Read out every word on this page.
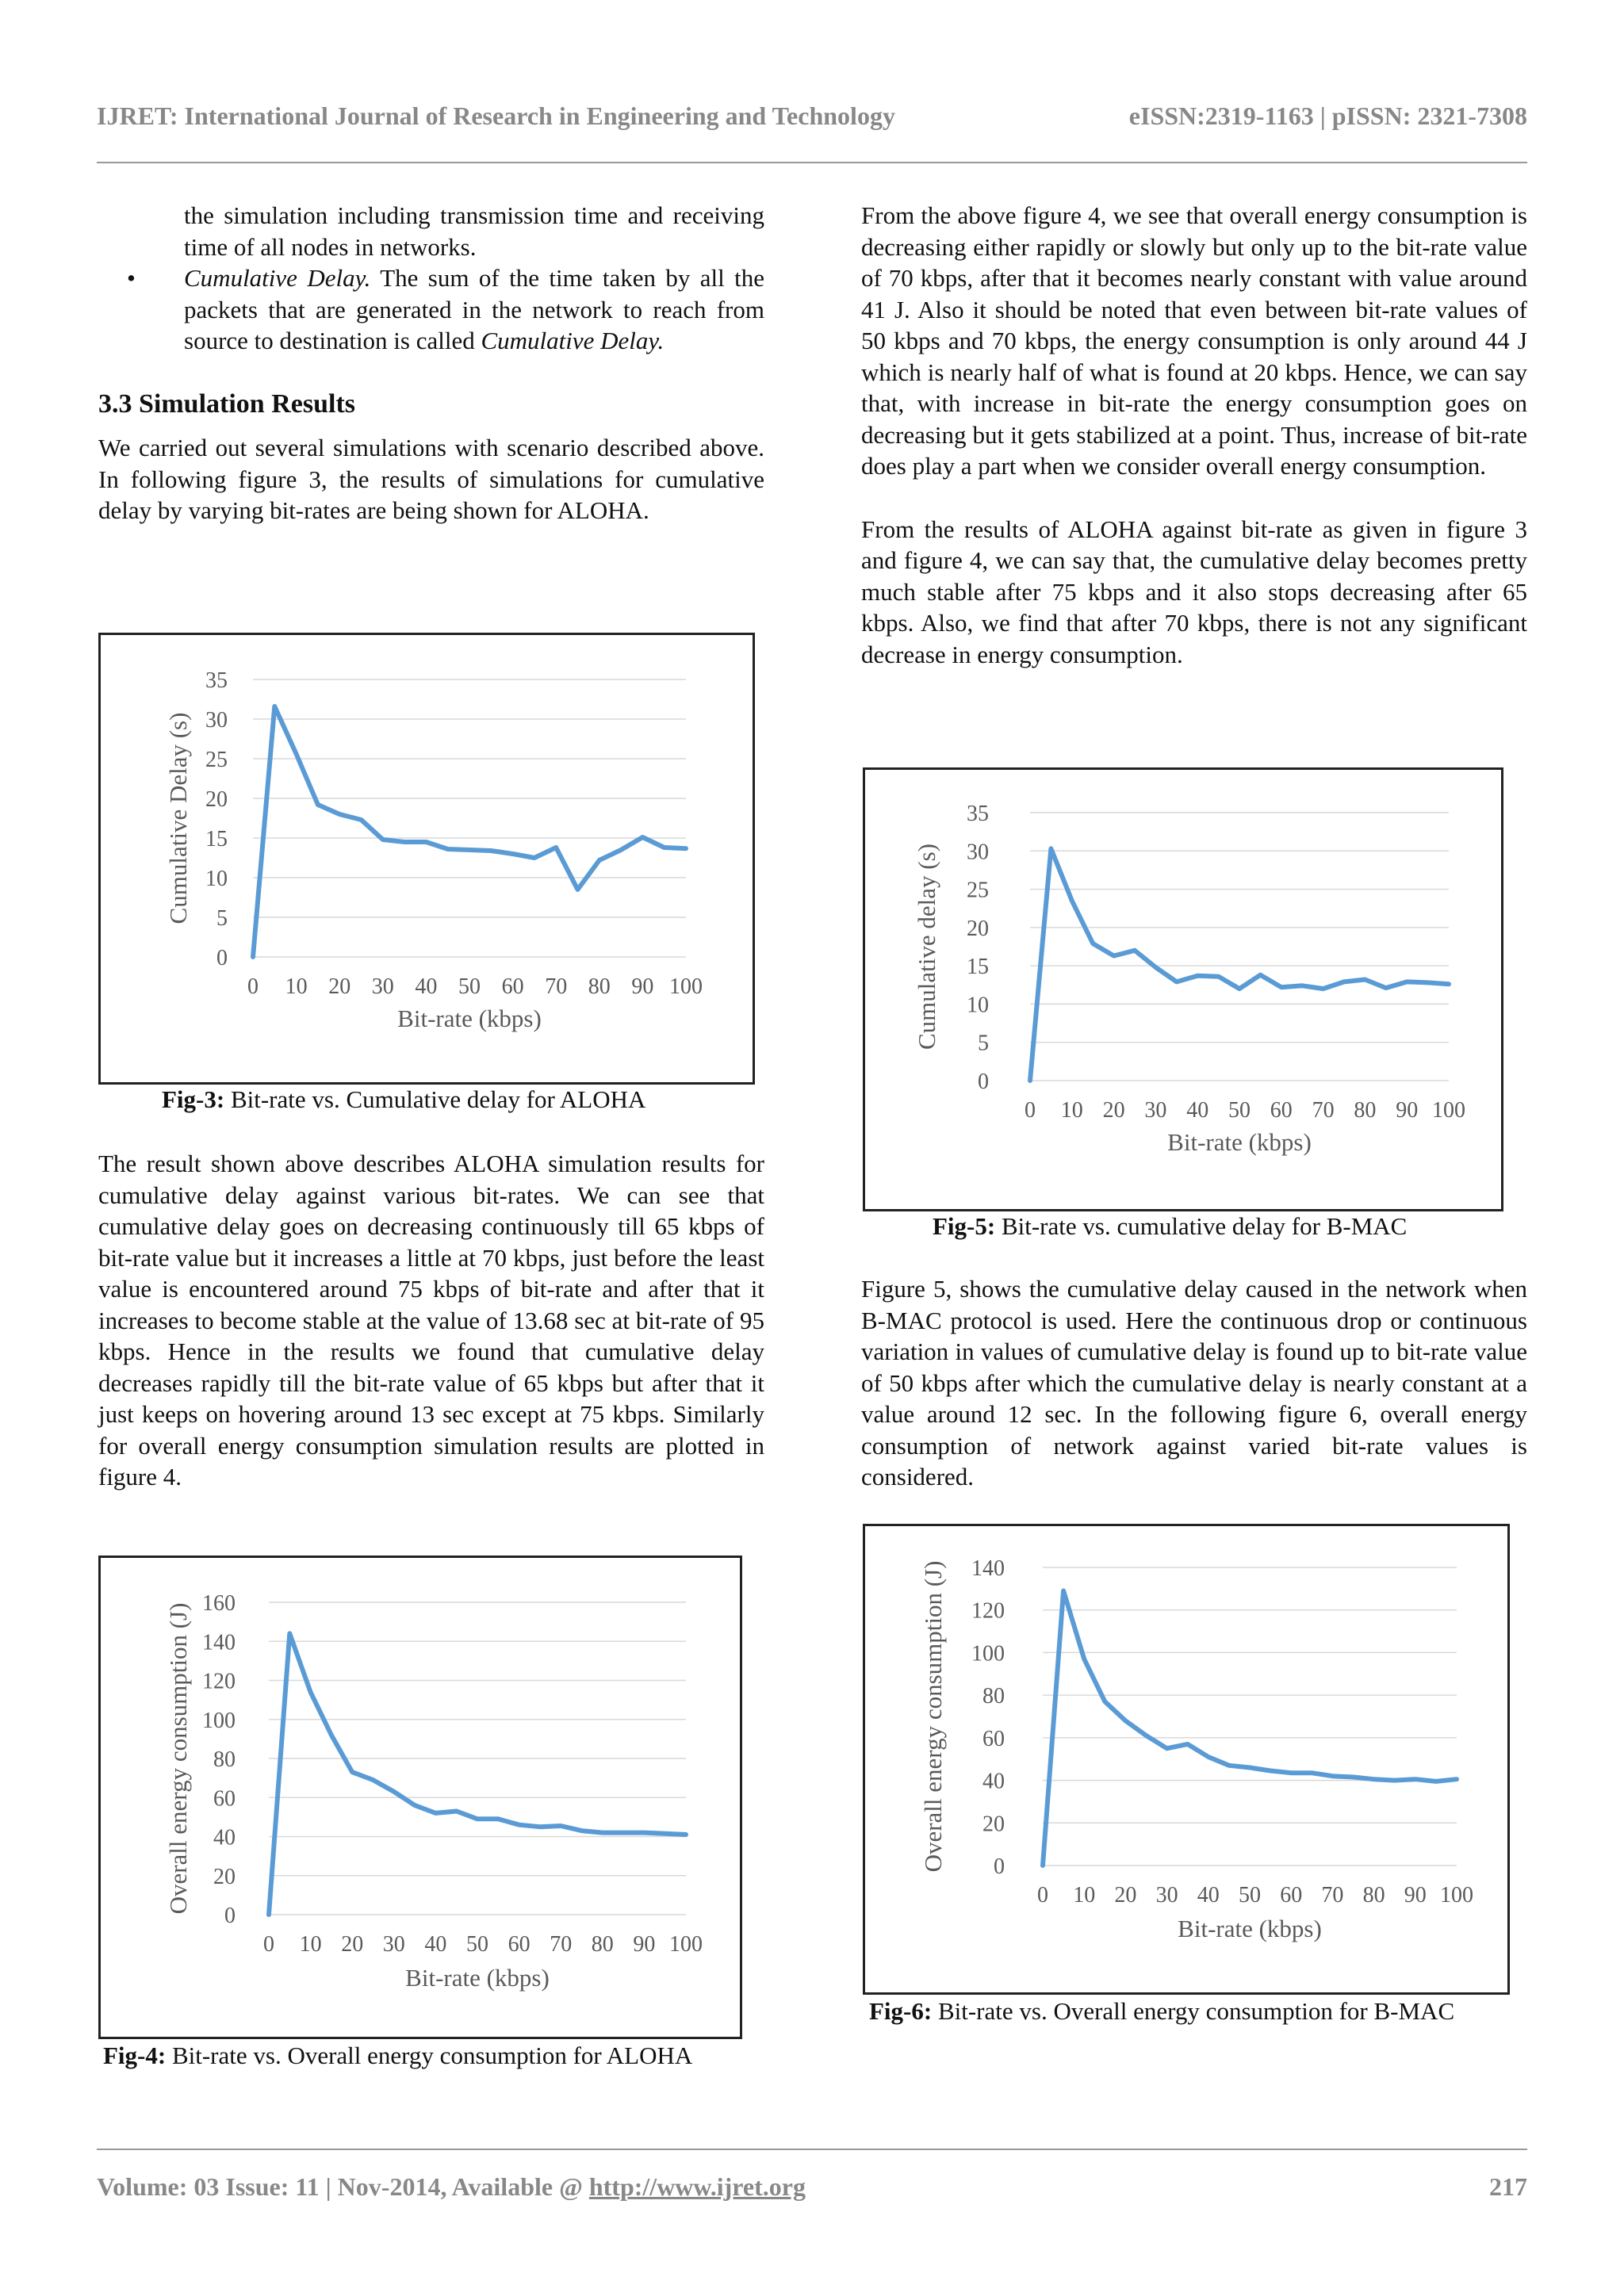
IJRET: International Journal of Research in Engineering and Technology	eISSN:2319-1163 | pISSN: 2321-7308

the simulation including transmission time and receiving time of all nodes in networks.

• Cumulative Delay. The sum of the time taken by all the packets that are generated in the network to reach from source to destination is called Cumulative Delay.

3.3 Simulation Results

We carried out several simulations with scenario described above. In following figure 3, the results of simulations for cumulative delay by varying bit-rates are being shown for ALOHA.

0
5
10
15
20
25
30
35
0 10 20 30 40 50 60 70 80 90 100
Bit-rate (kbps)
Cumulative Delay (s)
Fig-3: Bit-rate vs. Cumulative delay for ALOHA

The result shown above describes ALOHA simulation results for cumulative delay against various bit-rates. We can see that cumulative delay goes on decreasing continuously till 65 kbps of bit-rate value but it increases a little at 70 kbps, just before the least value is encountered around 75 kbps of bit-rate and after that it increases to become stable at the value of 13.68 sec at bit-rate of 95 kbps. Hence in the results we found that cumulative delay decreases rapidly till the bit-rate value of 65 kbps but after that it just keeps on hovering around 13 sec except at 75 kbps. Similarly for overall energy consumption simulation results are plotted in figure 4.

0
20
40
60
80
100
120
140
160
0 10 20 30 40 50 60 70 80 90 100
Bit-rate (kbps)
Overall energy consumption (J)
Fig-4: Bit-rate vs. Overall energy consumption for ALOHA

From the above figure 4, we see that overall energy consumption is decreasing either rapidly or slowly but only up to the bit-rate value of 70 kbps, after that it becomes nearly constant with value around 41 J. Also it should be noted that even between bit-rate values of 50 kbps and 70 kbps, the energy consumption is only around 44 J which is nearly half of what is found at 20 kbps. Hence, we can say that, with increase in bit-rate the energy consumption goes on decreasing but it gets stabilized at a point. Thus, increase of bit-rate does play a part when we consider overall energy consumption.

From the results of ALOHA against bit-rate as given in figure 3 and figure 4, we can say that, the cumulative delay becomes pretty much stable after 75 kbps and it also stops decreasing after 65 kbps. Also, we find that after 70 kbps, there is not any significant decrease in energy consumption.

0
5
10
15
20
25
30
35
0 10 20 30 40 50 60 70 80 90 100
Bit-rate (kbps)
Cumulative delay (s)
Fig-5: Bit-rate vs. cumulative delay for B-MAC

Figure 5, shows the cumulative delay caused in the network when B-MAC protocol is used. Here the continuous drop or continuous variation in values of cumulative delay is found up to bit-rate value of 50 kbps after which the cumulative delay is nearly constant at a value around 12 sec. In the following figure 6, overall energy consumption of network against varied bit-rate values is considered.

0
20
40
60
80
100
120
140
0 10 20 30 40 50 60 70 80 90 100
Bit-rate (kbps)
Overall energy consumption (J)
Fig-6: Bit-rate vs. Overall energy consumption for B-MAC
Volume: 03 Issue: 11 | Nov-2014, Available @ http://www.ijret.org	217
